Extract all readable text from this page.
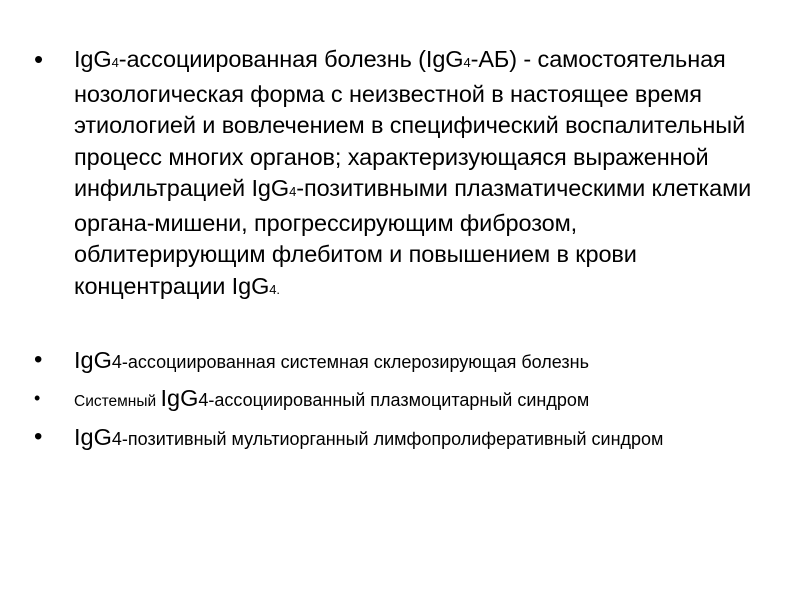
• IgG4-ассоциированная болезнь (IgG4-АБ) - самостоятельная нозологическая форма с неизвестной в настоящее время этиологией и вовлечением в специфический воспалительный процесс многих органов; характеризующаяся выраженной инфильтрацией IgG4-позитивными плазматическими клетками органа-мишени, прогрессирующим фиброзом, облитерирующим флебитом и повышением в крови концентрации IgG4.
• IgG4-ассоциированная системная склерозирующая болезнь
• Системный IgG4-ассоциированный плазмоцитарный синдром
• IgG4-позитивный мультиорганный лимфопролиферативный синдром
